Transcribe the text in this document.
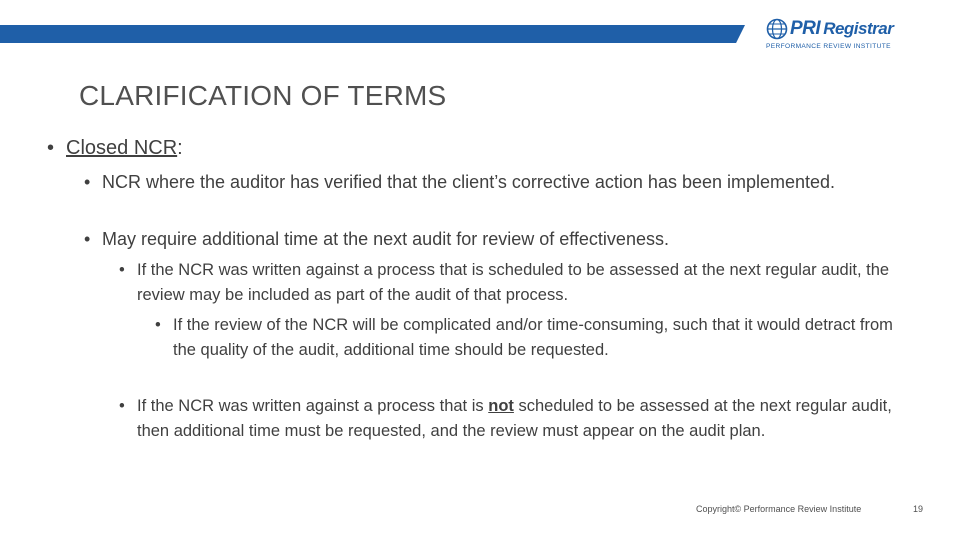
PRI Registrar
PERFORMANCE REVIEW INSTITUTE
CLARIFICATION OF TERMS
• Closed NCR:
• NCR where the auditor has verified that the client’s corrective action has been implemented.
• May require additional time at the next audit for review of effectiveness.
• If the NCR was written against a process that is scheduled to be assessed at the next regular audit, the review may be included as part of the audit of that process.
• If the review of the NCR will be complicated and/or time-consuming, such that it would detract from the quality of the audit, additional time should be requested.
• If the NCR was written against a process that is not scheduled to be assessed at the next regular audit, then additional time must be requested, and the review must appear on the audit plan.
Copyright© Performance Review Institute	19
